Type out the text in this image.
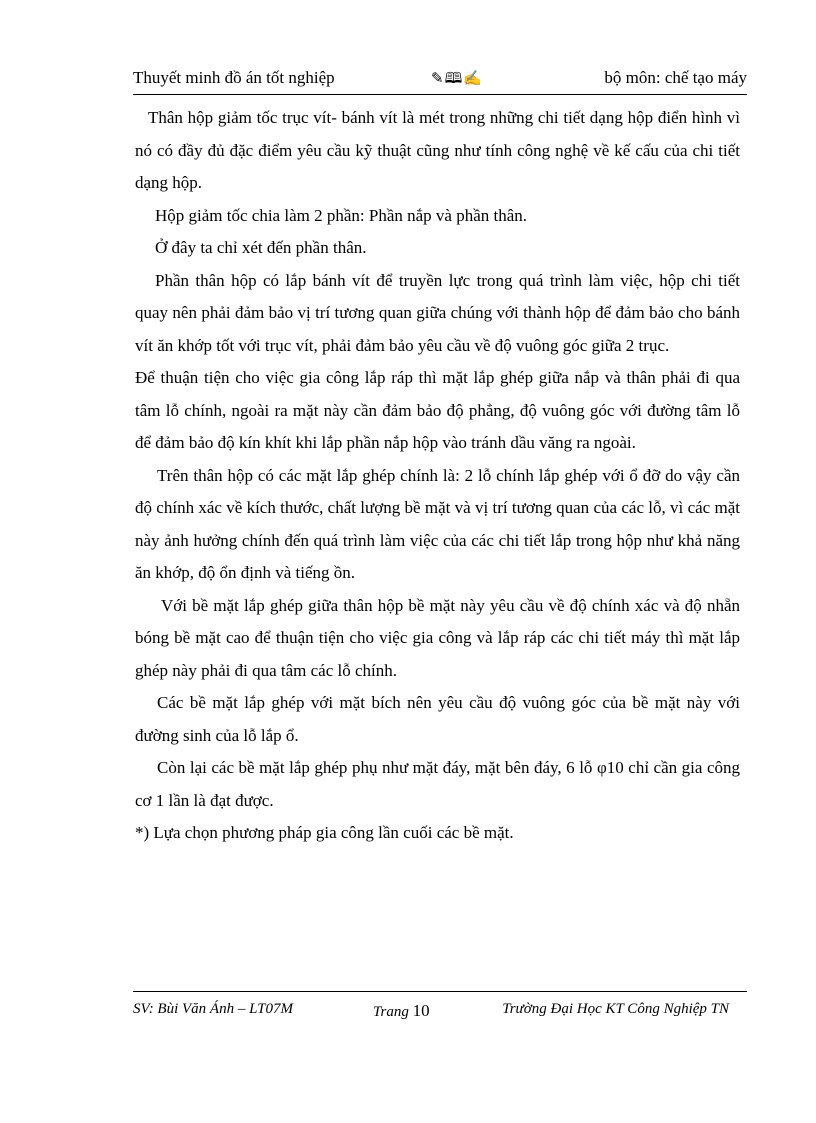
Thuyết minh đồ án tốt nghiệp	✎🕮✍	bộ môn: chế tạo máy

Thân hộp giảm tốc trục vít- bánh vít là mét trong những chi tiết dạng hộp điển hình vì nó có đầy đủ đặc điểm yêu cầu kỹ thuật cũng như tính công nghệ về kế cấu của chi tiết dạng hộp.

Hộp giảm tốc chia làm 2 phần: Phần nắp và phần thân.

Ở đây ta chỉ xét đến phần thân.

Phần thân hộp có lắp bánh vít để truyền lực trong quá trình làm việc, hộp chi tiết quay nên phải đảm bảo vị trí tương quan giữa chúng với thành hộp để đảm bảo cho bánh vít ăn khớp tốt với trục vít, phải đảm bảo yêu cầu về độ vuông góc giữa 2 trục.

Để thuận tiện cho việc gia công lắp ráp thì mặt lắp ghép giữa nắp và thân phải đi qua tâm lỗ chính, ngoài ra mặt này cần đảm bảo độ phẳng, độ vuông góc với đường tâm lỗ để đảm bảo độ kín khít khi lắp phần nắp hộp vào tránh dầu văng ra ngoài.

Trên thân hộp có các mặt lắp ghép chính là: 2 lỗ chính lắp ghép với ổ đỡ do vậy cần độ chính xác về kích thước, chất lượng bề mặt và vị trí tương quan của các lỗ, vì các mặt này ảnh hưởng chính đến quá trình làm việc của các chi tiết lắp trong hộp như khả năng ăn khớp, độ ổn định và tiếng ồn.

Với bề mặt lắp ghép giữa thân hộp bề mặt này yêu cầu về độ chính xác và độ nhẵn bóng bề mặt cao để thuận tiện cho việc gia công và lắp ráp các chi tiết máy thì mặt lắp ghép này phải đi qua tâm các lỗ chính.

Các bề mặt lắp ghép với mặt bích nên yêu cầu độ vuông góc của bề mặt này với đường sinh của lỗ lắp ổ.

Còn lại các bề mặt lắp ghép phụ như mặt đáy, mặt bên đáy, 6 lỗ φ10 chỉ cần gia công cơ 1 lần là đạt được.

*) Lựa chọn phương pháp gia công lần cuối các bề mặt.

SV: Bùi Văn Ánh – LT07M	Trang 10	Trường Đại Học KT Công Nghiệp TN
